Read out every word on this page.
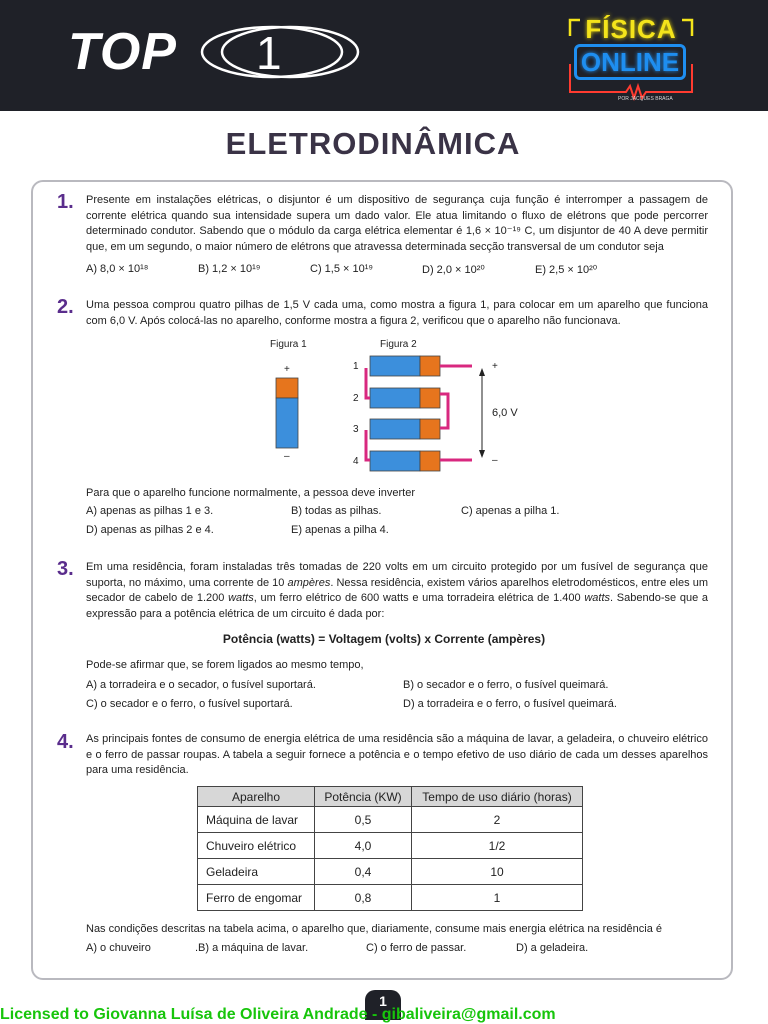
TOP 1	FÍSICA
ONLINE
POR JACQUES BRAGA
ELETRODINÂMICA
1. Presente em instalações elétricas, o disjuntor é um dispositivo de segurança cuja função é interromper a passagem de corrente elétrica quando sua intensidade supera um dado valor. Ele atua limitando o fluxo de elétrons que pode percorrer determinado condutor. Sabendo que o módulo da carga elétrica elementar é 1,6 × 10⁻¹⁹ C, um disjuntor de 40 A deve permitir que, em um segundo, o maior número de elétrons que atravessa determinada secção transversal de um condutor seja
A) 8,0 × 10¹⁸	B) 1,2 × 10¹⁹	C) 1,5 × 10¹⁹	D) 2,0 × 10²⁰	E) 2,5 × 10²⁰
2. Uma pessoa comprou quatro pilhas de 1,5 V cada uma, como mostra a figura 1, para colocar em um aparelho que funciona com 6,0 V. Após colocá-las no aparelho, conforme mostra a figura 2, verificou que o aparelho não funcionava.
Figura 1	Figura 2
+
–
1
2
3
4
+
6,0 V
–
Para que o aparelho funcione normalmente, a pessoa deve inverter
A) apenas as pilhas 1 e 3.	B) todas as pilhas.	C) apenas a pilha 1.
D) apenas as pilhas 2 e 4.	E) apenas a pilha 4.
3. Em uma residência, foram instaladas três tomadas de 220 volts em um circuito protegido por um fusível de segurança que suporta, no máximo, uma corrente de 10 ampères. Nessa residência, existem vários aparelhos eletrodomésticos, entre eles um secador de cabelo de 1.200 watts, um ferro elétrico de 600 watts e uma torradeira elétrica de 1.400 watts. Sabendo-se que a expressão para a potência elétrica de um circuito é dada por:
Potência (watts) = Voltagem (volts) x Corrente (ampères)
Pode-se afirmar que, se forem ligados ao mesmo tempo,
A) a torradeira e o secador, o fusível suportará.	B) o secador e o ferro, o fusível queimará.
C) o secador e o ferro, o fusível suportará.	D) a torradeira e o ferro, o fusível queimará.
4. As principais fontes de consumo de energia elétrica de uma residência são a máquina de lavar, a geladeira, o chuveiro elétrico e o ferro de passar roupas. A tabela a seguir fornece a potência e o tempo efetivo de uso diário de cada um desses aparelhos para uma residência.
Aparelho	Potência (KW)	Tempo de uso diário (horas)
Máquina de lavar	0,5	2
Chuveiro elétrico	4,0	1/2
Geladeira	0,4	10
Ferro de engomar	0,8	1
Nas condições descritas na tabela acima, o aparelho que, diariamente, consume mais energia elétrica na residência é
A) o chuveiro	.B) a máquina de lavar.	C) o ferro de passar.	D) a geladeira.
1
Licensed to Giovanna Luísa de Oliveira Andrade - gibaliveira@gmail.com
